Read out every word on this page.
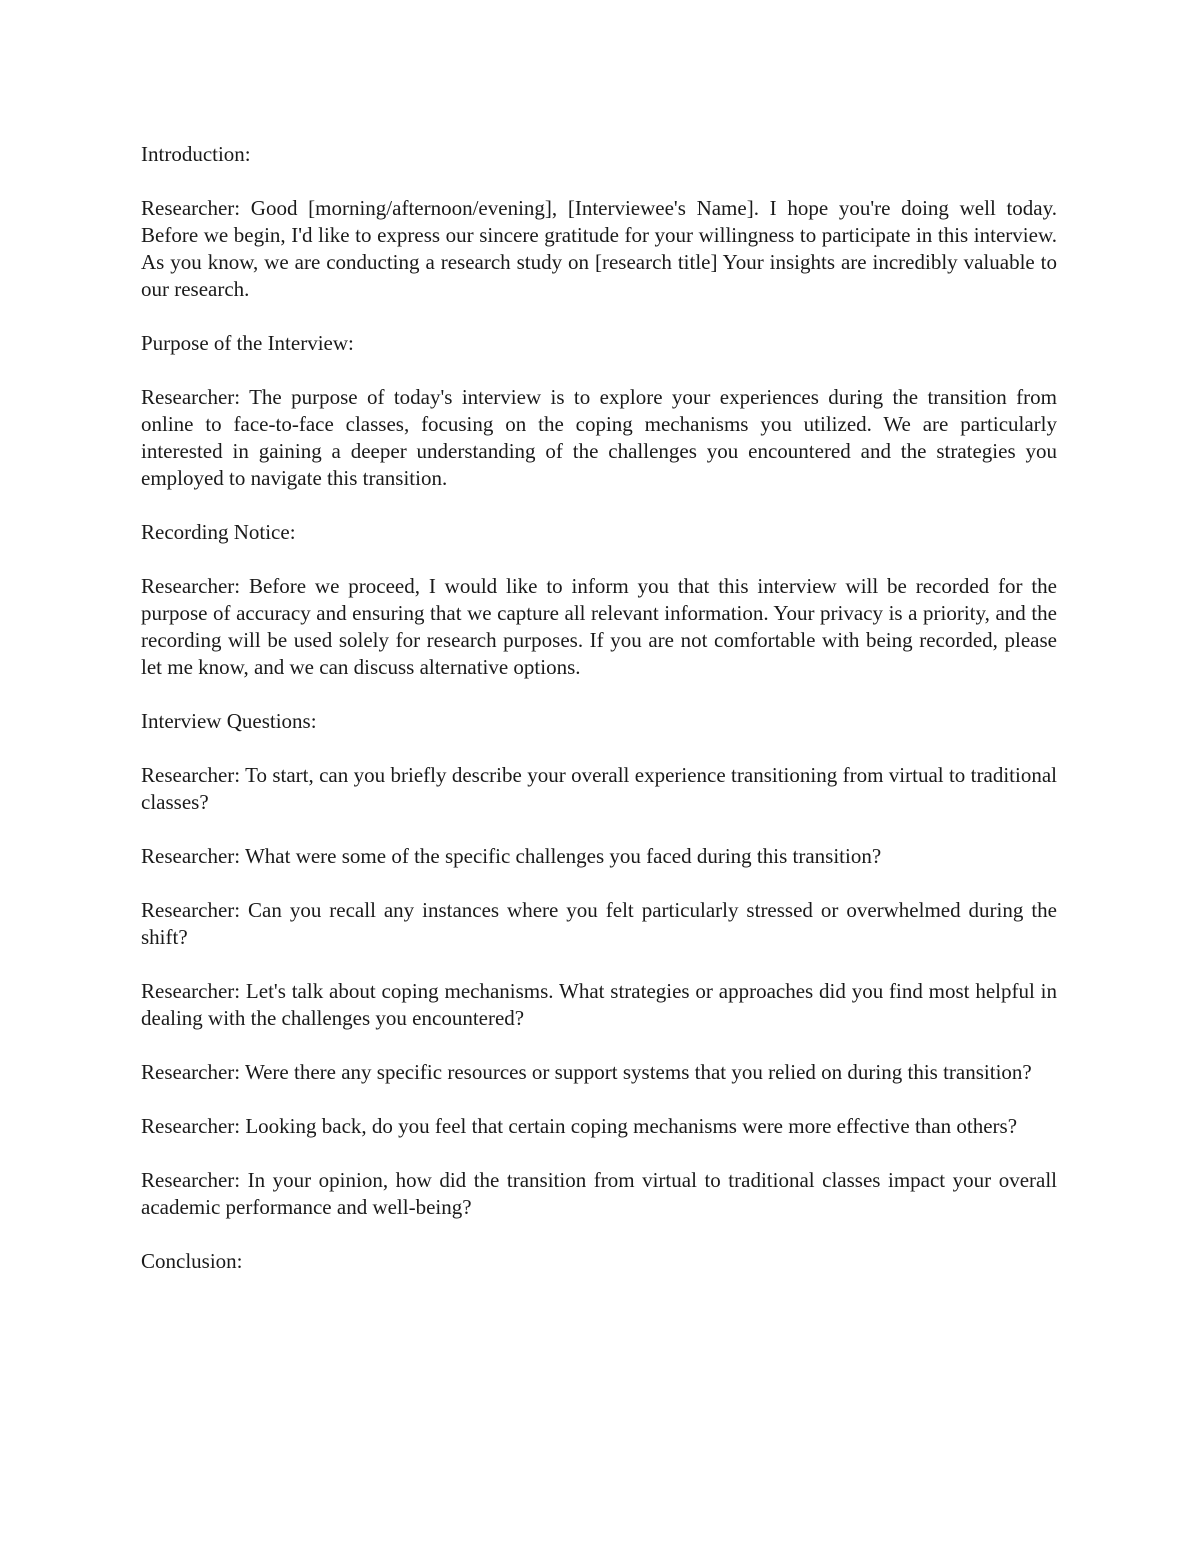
Introduction:

Researcher: Good [morning/afternoon/evening], [Interviewee's Name]. I hope you're doing well today. Before we begin, I'd like to express our sincere gratitude for your willingness to participate in this interview. As you know, we are conducting a research study on [research title] Your insights are incredibly valuable to our research.

Purpose of the Interview:

Researcher: The purpose of today's interview is to explore your experiences during the transition from online to face-to-face classes, focusing on the coping mechanisms you utilized. We are particularly interested in gaining a deeper understanding of the challenges you encountered and the strategies you employed to navigate this transition.

Recording Notice:

Researcher: Before we proceed, I would like to inform you that this interview will be recorded for the purpose of accuracy and ensuring that we capture all relevant information. Your privacy is a priority, and the recording will be used solely for research purposes. If you are not comfortable with being recorded, please let me know, and we can discuss alternative options.

Interview Questions:

Researcher: To start, can you briefly describe your overall experience transitioning from virtual to traditional classes?

Researcher: What were some of the specific challenges you faced during this transition?

Researcher: Can you recall any instances where you felt particularly stressed or overwhelmed during the shift?

Researcher: Let's talk about coping mechanisms. What strategies or approaches did you find most helpful in dealing with the challenges you encountered?

Researcher: Were there any specific resources or support systems that you relied on during this transition?

Researcher: Looking back, do you feel that certain coping mechanisms were more effective than others?

Researcher: In your opinion, how did the transition from virtual to traditional classes impact your overall academic performance and well-being?

Conclusion:
